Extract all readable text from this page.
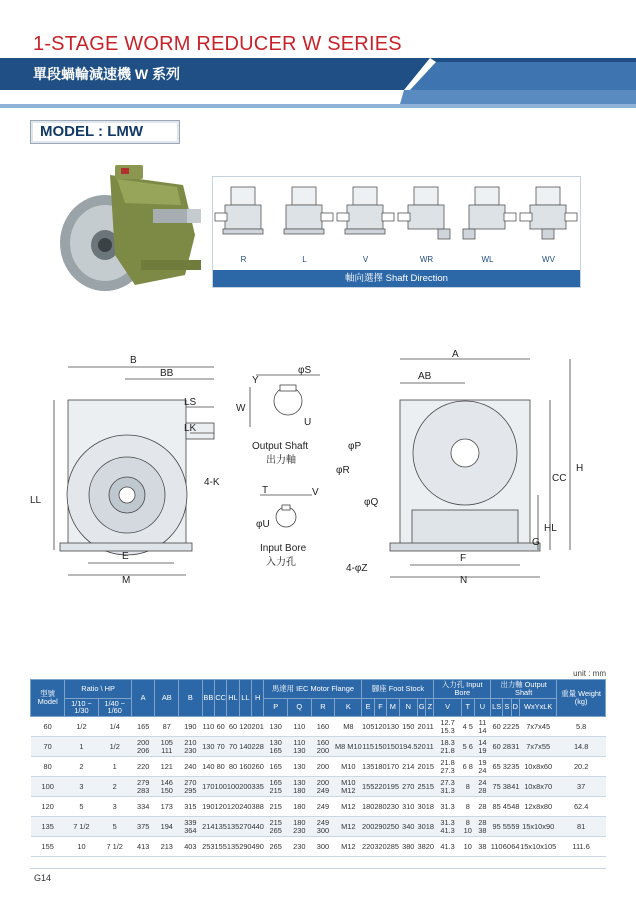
1-STAGE WORM REDUCER W SERIES
單段蝸輪減速機 W 系列
MODEL : LMW
R	L	V	WR	WL	WV
軸向選擇 Shaft Direction
B
BB
LS
LK
4-K
LL
E
M
φS
Y
W
U
Output Shaft
出力軸
T	V
φU
Input Bore
入力孔
A
AB
φR
φP
φQ
CC
H
HL
G
F
N
4-φZ
unit : mm
型號 Model	Ratio \ HP		A	AB	B	BB	CC	HL	LL	H	馬達用 IEC Motor Flange				腳座 Foot Stock						入力孔 Input Bore			出力軸 Output Shaft				重量 Weight (kg)
	1/10 ~ 1/30	1/40 ~ 1/60									P	Q	R	K	E	F	M	N	G	Z	V	T	U	LS	S	D	WxYxLK	
60	1/2	1/4	165	87	190	110	60	60	120	201	130	110	160	M8	105	120	130	150	20	11	12.7 15.3	4 5	11 14	60	22	25	7x7x45	5.8
70	1	1/2	200 206	105 111	210 230	130	70	70	140	228	130 165	110 130	160 200	M8 M10	115	150	150	194.5	20	11	18.3 21.8	5 6	14 19	60	28	31	7x7x55	14.8
80	2	1	220	121	240	140	80	80	160	260	165	130	200	M10	135	180	170	214	20	15	21.8 27.3	6 8	19 24	65	32	35	10x8x60	20.2
100	3	2	279 283	146 150	270 295	170	100	100	200	335	165 215	130 180	200 249	M10 M12	155	220	195	270	25	15	27.3 31.3	8	24 28	75	38	41	10x8x70	37
120	5	3	334	173	315	190	120	120	240	388	215	180	249	M12	180	280	230	310	30	18	31.3	8	28	85	45	48	12x8x80	62.4
135	7 1/2	5	375	194	339 364	214	135	135	270	440	215 265	180 230	249 300	M12	200	290	250	340	30	18	31.3 41.3	8 10	28 38	95	55	59	15x10x90	81
155	10	7 1/2	413	213	403	253	155	135	290	490	265	230	300	M12	220	320	285	380	38	20	41.3	10	38	110	60	64	15x10x105	111.6
G14
